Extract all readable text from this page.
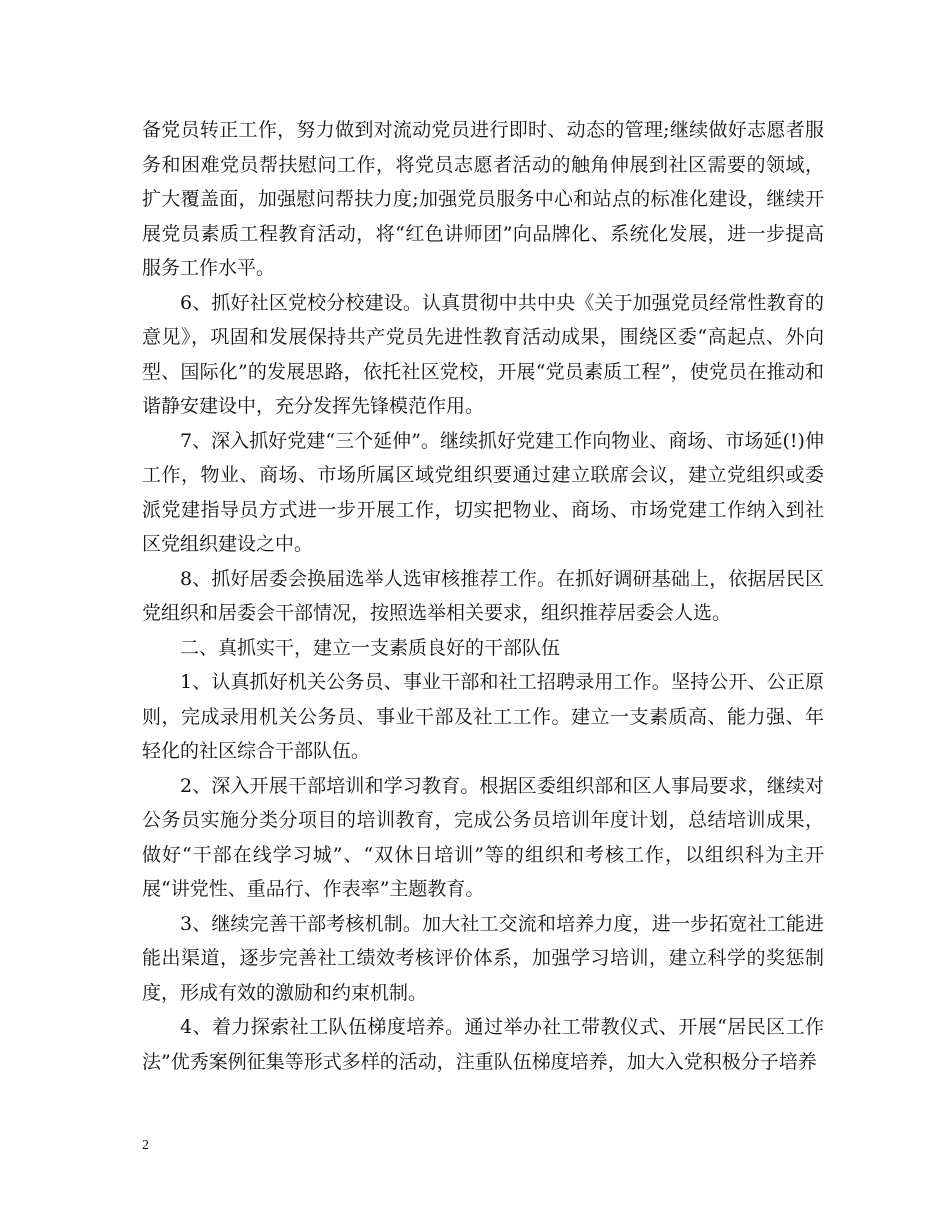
备党员转正工作，努力做到对流动党员进行即时、动态的管理;继续做好志愿者服务和困难党员帮扶慰问工作，将党员志愿者活动的触角伸展到社区需要的领域，扩大覆盖面，加强慰问帮扶力度;加强党员服务中心和站点的标准化建设，继续开展党员素质工程教育活动，将“红色讲师团”向品牌化、系统化发展，进一步提高服务工作水平。

6、抓好社区党校分校建设。认真贯彻中共中央《关于加强党员经常性教育的意见》，巩固和发展保持共产党员先进性教育活动成果，围绕区委“高起点、外向型、国际化”的发展思路，依托社区党校，开展“党员素质工程”，使党员在推动和谐静安建设中，充分发挥先锋模范作用。

7、深入抓好党建“三个延伸”。继续抓好党建工作向物业、商场、市场延(!)伸工作，物业、商场、市场所属区域党组织要通过建立联席会议，建立党组织或委派党建指导员方式进一步开展工作，切实把物业、商场、市场党建工作纳入到社区党组织建设之中。

8、抓好居委会换届选举人选审核推荐工作。在抓好调研基础上，依据居民区党组织和居委会干部情况，按照选举相关要求，组织推荐居委会人选。

二、真抓实干，建立一支素质良好的干部队伍

1、认真抓好机关公务员、事业干部和社工招聘录用工作。坚持公开、公正原则，完成录用机关公务员、事业干部及社工工作。建立一支素质高、能力强、年轻化的社区综合干部队伍。

2、深入开展干部培训和学习教育。根据区委组织部和区人事局要求，继续对公务员实施分类分项目的培训教育，完成公务员培训年度计划，总结培训成果，做好“干部在线学习城”、“双休日培训”等的组织和考核工作，以组织科为主开展“讲党性、重品行、作表率”主题教育。

3、继续完善干部考核机制。加大社工交流和培养力度，进一步拓宽社工能进能出渠道，逐步完善社工绩效考核评价体系，加强学习培训，建立科学的奖惩制度，形成有效的激励和约束机制。

4、着力探索社工队伍梯度培养。通过举办社工带教仪式、开展“居民区工作法”优秀案例征集等形式多样的活动，注重队伍梯度培养，加大入党积极分子培养

2
